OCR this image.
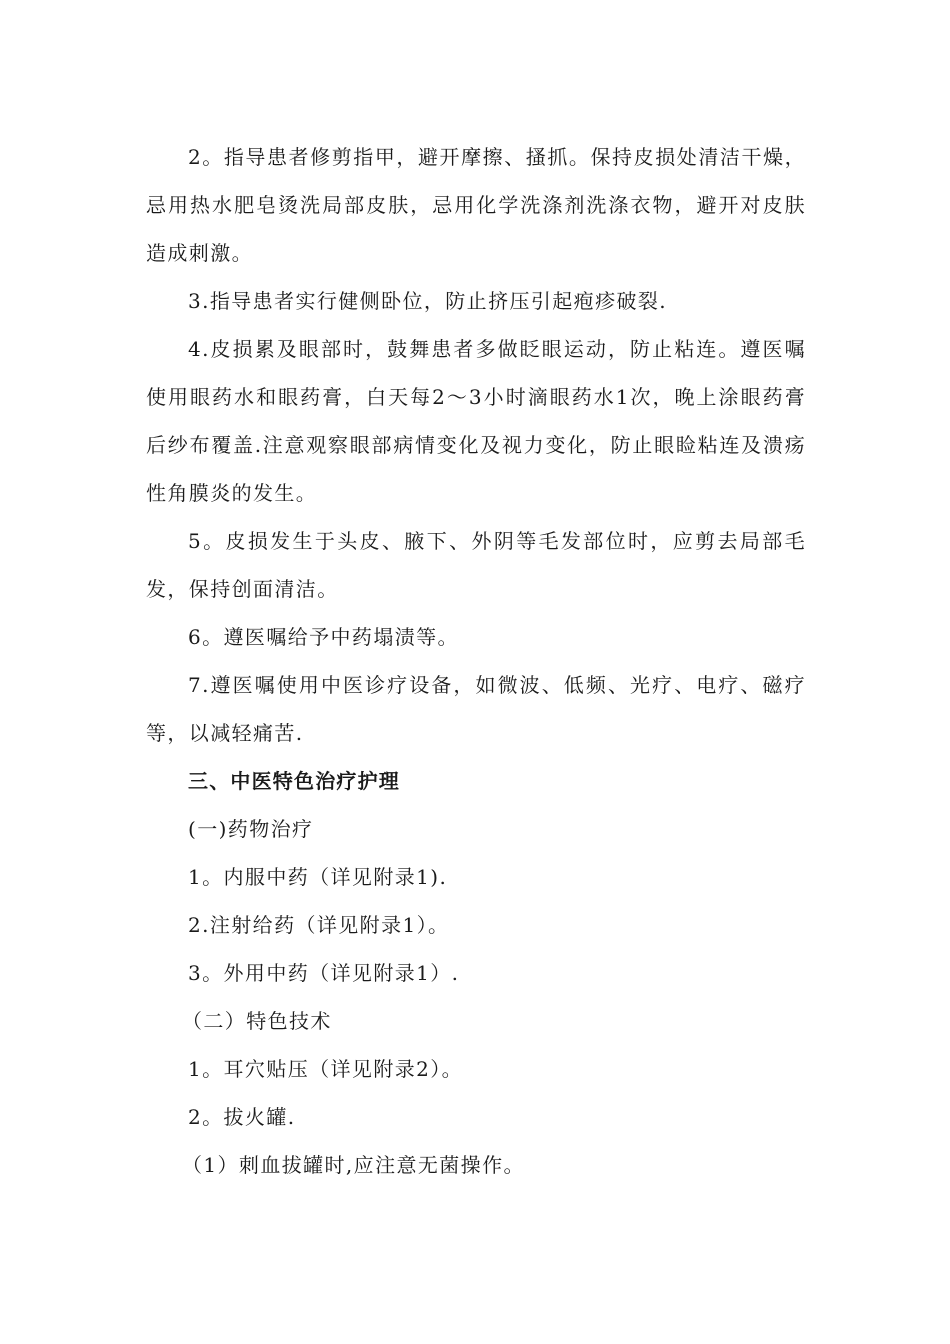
2。指导患者修剪指甲，避开摩擦、搔抓。保持皮损处清洁干燥，忌用热水肥皂烫洗局部皮肤，忌用化学洗涤剂洗涤衣物，避开对皮肤造成刺激。

3.指导患者实行健侧卧位，防止挤压引起疱疹破裂.

4.皮损累及眼部时，鼓舞患者多做眨眼运动，防止粘连。遵医嘱使用眼药水和眼药膏，白天每2～3小时滴眼药水1次，晚上涂眼药膏后纱布覆盖.注意观察眼部病情变化及视力变化，防止眼睑粘连及溃疡性角膜炎的发生。

5。皮损发生于头皮、腋下、外阴等毛发部位时，应剪去局部毛发，保持创面清洁。

6。遵医嘱给予中药塌渍等。

7.遵医嘱使用中医诊疗设备，如微波、低频、光疗、电疗、磁疗等，以减轻痛苦.

三、中医特色治疗护理

(一)药物治疗

1。内服中药（详见附录1).

2.注射给药（详见附录1）。

3。外用中药（详见附录1）.

（二）特色技术

1。耳穴贴压（详见附录2）。

2。拔火罐.

（1）刺血拔罐时,应注意无菌操作。
